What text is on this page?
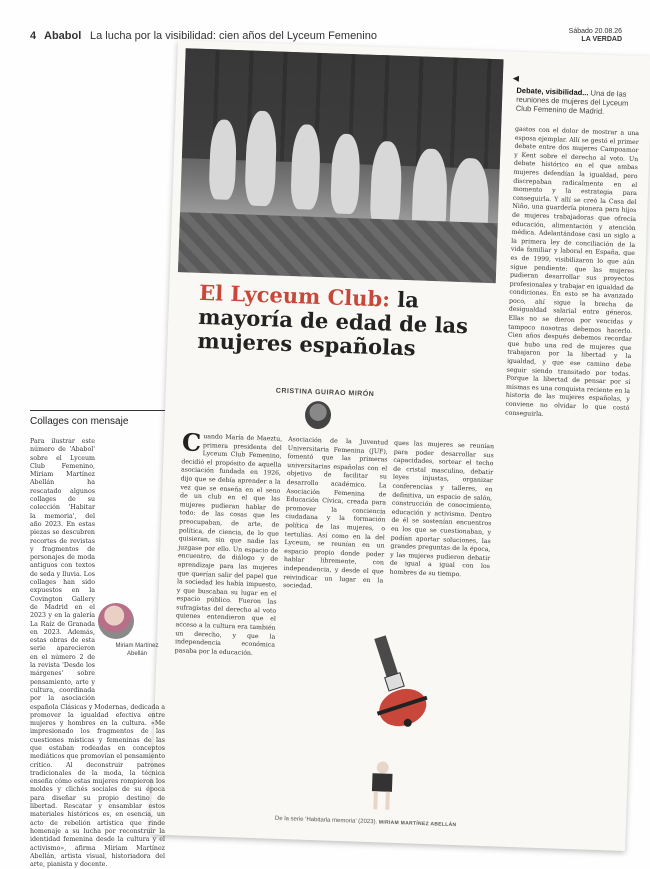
4 Ababol La lucha por la visibilidad: cien años del Lyceum Femenino	Sábado 20.08.26
LA VERDAD
◀
Debate, visibilidad... Una de las reuniones de mujeres del Lyceum Club Femenino de Madrid.
El Lyceum Club: la mayoría de edad de las mujeres españolas
CRISTINA GUIRAO MIRÓN
Cuando María de Maeztu, primera presidenta del Lyceum Club Femenino, decidió el propósito de aquella asociación fundada en 1926, dijo que se debía aprender a la vez que se enseña en el seno de un club en el que las mujeres pudieran hablar de todo: de las cosas que les preocupaban, de arte, de política, de ciencia, de lo que quisieran, sin que nadie las juzgase por ello. Un espacio de encuentro, de diálogo y de aprendizaje para las mujeres que querían salir del papel que la sociedad les había impuesto, y que buscaban su lugar en el espacio público. Fueron las sufragistas del derecho al voto quienes entendieron que el acceso a la cultura era también un derecho, y que la independencia económica pasaba por la educación.
Asociación de la Juventud Universitaria Femenina (JUF), fomentó que las primeras universitarias españolas con el objetivo de facilitar su desarrollo académico. La Asociación Femenina de Educación Cívica, creada para promover la conciencia ciudadana y la formación política de las mujeres, o tertulias. Así como en la del Lyceum, se reunían en un espacio propio donde poder hablar libremente, con independencia, y desde el que reivindicar un lugar en la sociedad.
ques las mujeres se reunían para poder desarrollar sus capacidades, sortear el techo de cristal masculino, debatir leyes injustas, organizar conferencias y talleres, en definitiva, un espacio de salón, construcción de conocimiento, educación y activismo. Dentro de él se sostenían encuentros en los que se cuestionaban, y podían aportar soluciones, las grandes preguntas de la época, y las mujeres pudieron debatir de igual a igual con los hombres de su tiempo.
gastos con el dolor de mostrar a una esposa ejemplar. Allí se gestó el primer debate entre dos mujeres Campoamor y Kent sobre el derecho al voto. Un debate histórico en el que ambas mujeres defendían la igualdad, pero discrepaban radicalmente en el momento y la estrategia para conseguirla. Y allí se creó la Casa del Niño, una guardería pionera para hijos de mujeres trabajadoras que ofrecía educación, alimentación y atención médica. Adelantándose casi un siglo a la primera ley de conciliación de la vida familiar y laboral en España, que es de 1999, visibilizaron lo que aún sigue pendiente: que las mujeres pudieran desarrollar sus proyectos profesionales y trabajar en igualdad de condiciones. En esto se ha avanzado poco, ahí sigue la brecha de desigualdad salarial entre géneros. Ellas no se dieron por vencidas y tampoco nosotras debemos hacerlo. Cien años después debemos recordar que hubo una red de mujeres que trabajaron por la libertad y la igualdad, y que ese camino debe seguir siendo transitado por todas. Porque la libertad de pensar por sí mismas es una conquista reciente en la historia de las mujeres españolas, y conviene no olvidar lo que costó conseguirla.
De la serie 'Habitarla memoria' (2023). MIRIAM MARTÍNEZ ABELLÁN
Collages con mensaje
Para ilustrar este número de 'Ababol' sobre el Lyceum Club Femenino, Miriam Martínez Abellán ha rescatado algunos collages de su colección 'Habitar la memoria', del año 2023. En estas piezas se descubren recortes de revistas y fragmentos de personajes de moda antiguos con textos de seda y lluvia. Los collages han sido expuestos en la Covington Gallery de Madrid en el 2023 y en la galería La Raíz de Granada en 2023. Además, estas obras de esta serie aparecieron en el número 2 de la revista 'Desde los márgenes' sobre pensamiento, arte y cultura, coordinada por la asociación española Clásicas y Modernas, dedicada a promover la igualdad efectiva entre mujeres y hombres en la cultura. «Me impresionado los fragmentos de las cuestiones místicas y femeninas de las que estaban rodeadas en conceptos mediáticos que promovían el pensamiento crítico. Al deconstruir patrones tradicionales de la moda, la técnica enseña cómo estas mujeres rompieron los moldes y clichés sociales de su época para diseñar su propio destino de libertad. Rescatar y ensamblar estos materiales históricos es, en esencia, un acto de rebelión artística que rinde homenaje a su lucha por reconstruir la identidad femenina desde la cultura y el activismo», afirma Miriam Martínez Abellán, artista visual, historiadora del arte, pianista y docente.
Miriam Martínez Abellán
